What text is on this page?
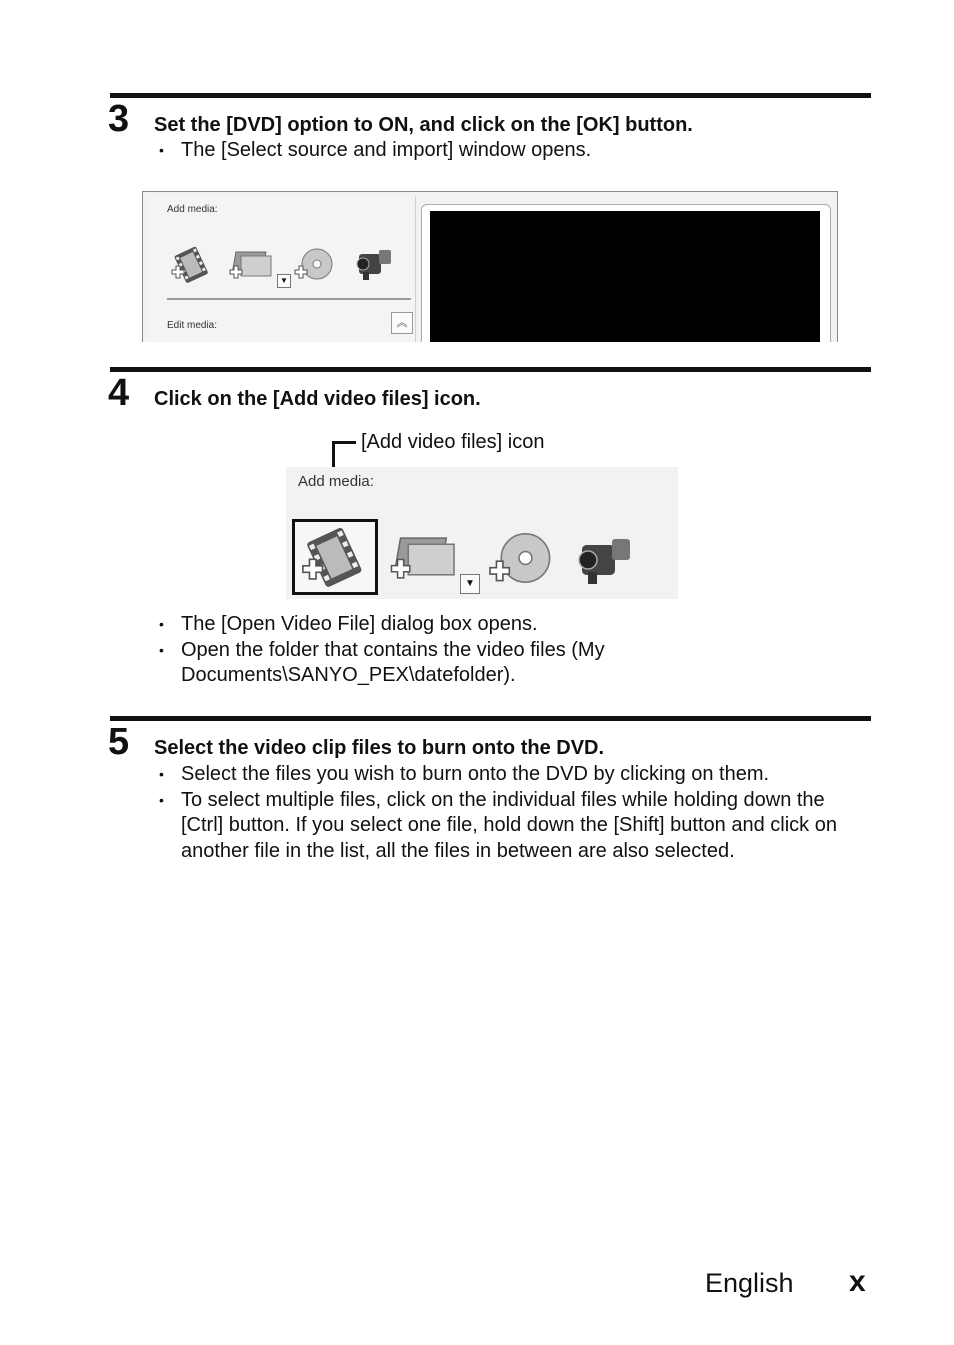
3 Set the [DVD] option to ON, and click on the [OK] button.
• The [Select source and import] window opens.
Add media:
▼
Edit media:	︽
4 Click on the [Add video files] icon.
[Add video files] icon
Add media:
▼
• The [Open Video File] dialog box opens.
• Open the folder that contains the video files (My Documents\SANYO_PEX\datefolder).
5 Select the video clip files to burn onto the DVD.
• Select the files you wish to burn onto the DVD by clicking on them.
• To select multiple files, click on the individual files while holding down the [Ctrl] button. If you select one file, hold down the [Shift] button and click on another file in the list, all the files in between are also selected.
English x
